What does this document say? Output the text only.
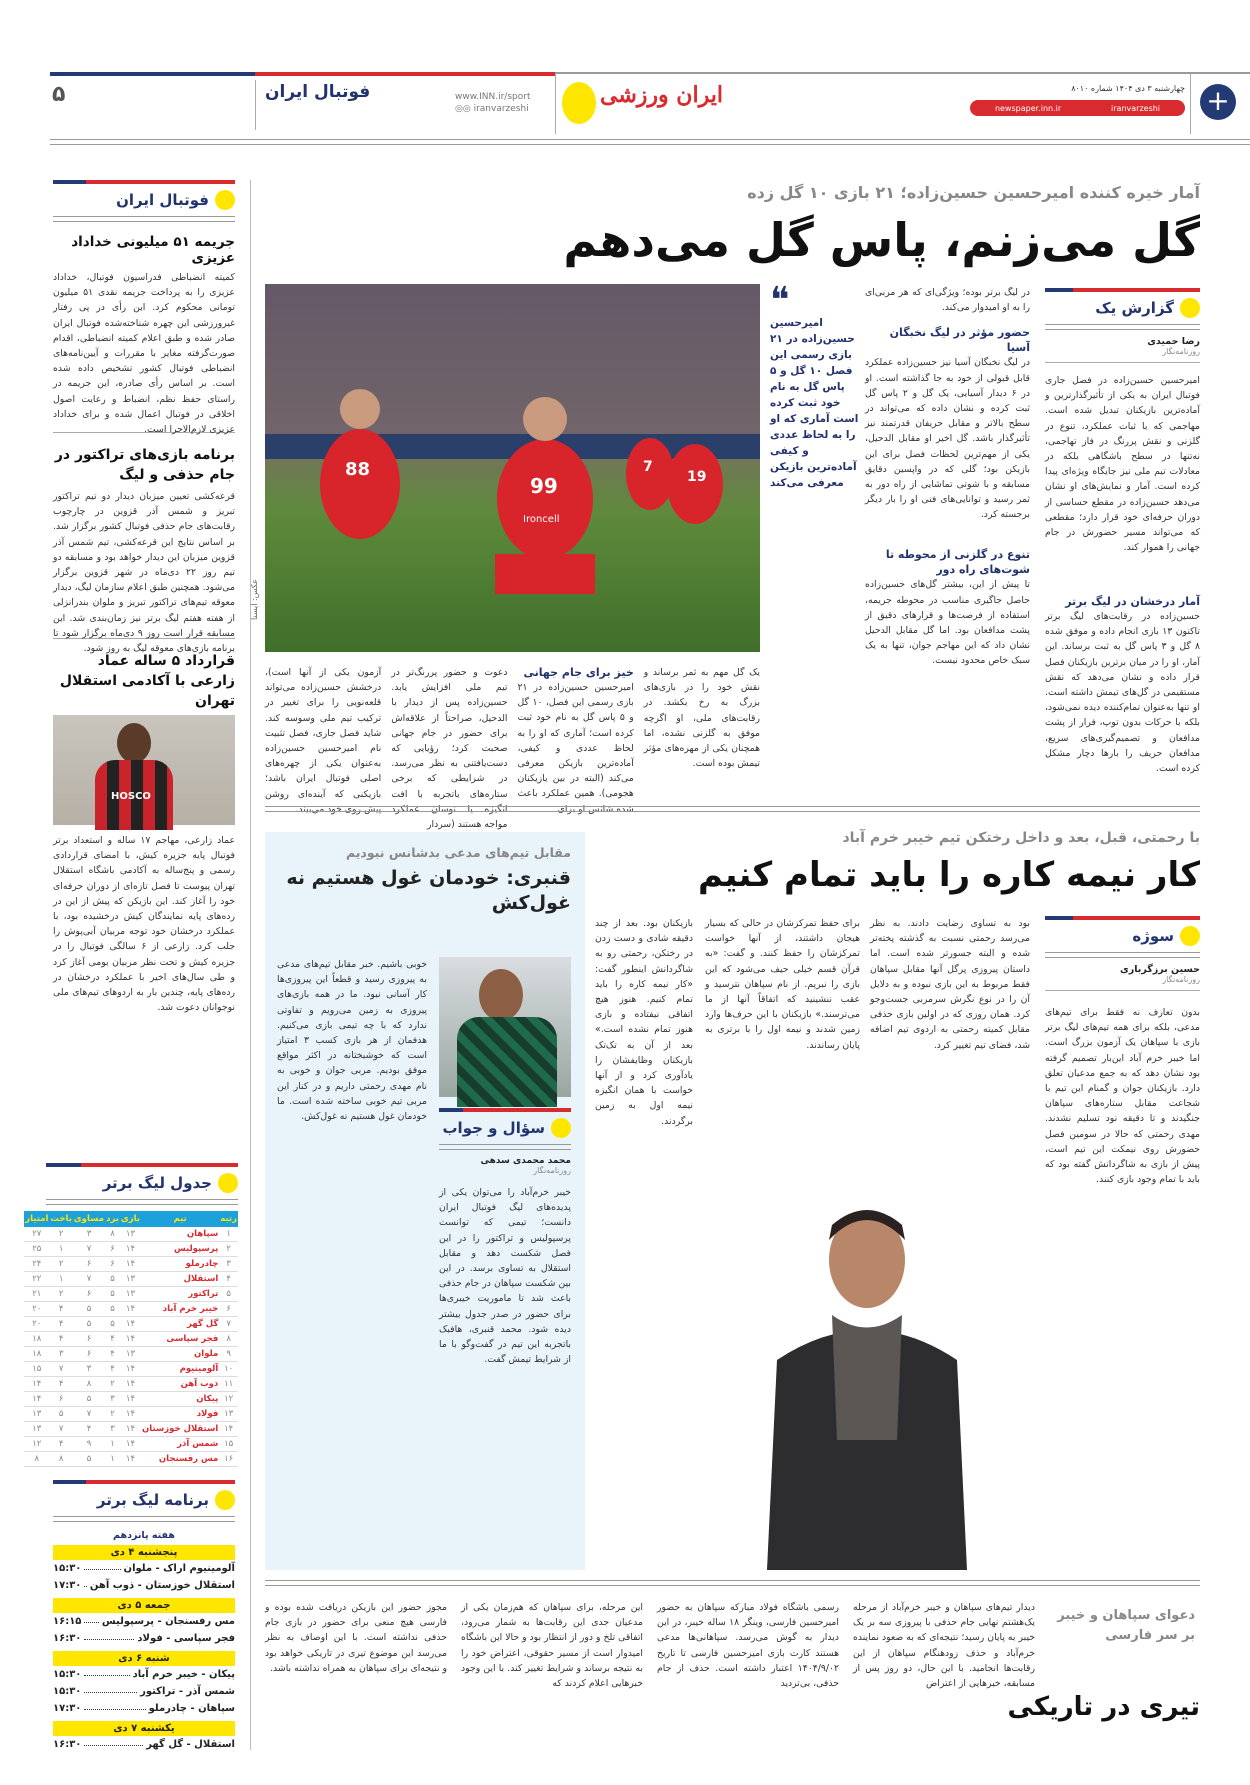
۵	فوتبال ایران	www.INN.ir/sport
◎◎ iranvarzeshi
ایران ورزشی	چهارشنبه ۳ دی ۱۴۰۴ شماره ۸۰۱۰
newspaper.inn.ir	iranvarzeshi +
فوتبال ایران
جریمه ۵۱ میلیونی خداداد عزیزی
کمیته انضباطی فدراسیون فوتبال، خداداد عزیزی را به پرداخت جریمه نقدی ۵۱ میلیون تومانی محکوم کرد. این رأی در پی رفتار غیرورزشی این چهره شناخته‌شده فوتبال ایران صادر شده و طبق اعلام کمیته انضباطی، اقدام صورت‌گرفته مغایر با مقررات و آیین‌نامه‌های انضباطی فوتبال کشور تشخیص داده شده است. بر اساس رأی صادره، این جریمه در راستای حفظ نظم، انضباط و رعایت اصول اخلاقی در فوتبال اعمال شده و برای خداداد عزیزی لازم‌الاجرا است.
برنامه بازی‌های تراکتور در جام حذفی و لیگ
قرعه‌کشی تعیین میزبان دیدار دو تیم تراکتور تبریز و شمس آذر قزوین در چارچوب رقابت‌های جام حذفی فوتبال کشور برگزار شد. بر اساس نتایج این قرعه‌کشی، تیم شمس آذر قزوین میزبان این دیدار خواهد بود و مسابقه دو تیم روز ۲۲ دی‌ماه در شهر قزوین برگزار می‌شود. همچنین طبق اعلام سازمان لیگ، دیدار معوقه تیم‌های تراکتور تبریز و ملوان بندرانزلی از هفته هفتم لیگ برتر نیز زمان‌بندی شد. این مسابقه قرار است روز ۹ دی‌ماه برگزار شود تا برنامه بازی‌های معوقه لیگ به روز شود.
قرارداد ۵ ساله عماد زارعی با آکادمی استقلال تهران
HOSCO
عماد زارعی، مهاجم ۱۷ ساله و استعداد برتر فوتبال پایه جزیره کیش، با امضای قراردادی رسمی و پنج‌ساله به آکادمی باشگاه استقلال تهران پیوست تا فصل تازه‌ای از دوران حرفه‌ای خود را آغاز کند. این بازیکن که پیش از این در رده‌های پایه نمایندگان کیش درخشیده بود، با عملکرد درخشان خود توجه مربیان آبی‌پوش را جلب کرد. زارعی از ۶ سالگی فوتبال را در جزیره کیش و تحت نظر مربیان بومی آغاز کرد و طی سال‌های اخیر با عملکرد درخشان در رده‌های پایه، چندین بار به اردوهای تیم‌های ملی نوجوانان دعوت شد.
جدول لیگ برتر
رتبه	تیم	بازی	برد	مساوی	باخت	امتیاز
۱	سپاهان	۱۳	۸	۳	۲	۲۷
۲	پرسپولیس	۱۴	۶	۷	۱	۲۵
۳	چادرملو	۱۴	۶	۶	۲	۲۴
۴	استقلال	۱۳	۵	۷	۱	۲۲
۵	تراکتور	۱۳	۵	۶	۲	۲۱
۶	خیبر خرم آباد	۱۴	۵	۵	۴	۲۰
۷	گل گهر	۱۴	۵	۵	۴	۲۰
۸	فجر سپاسی	۱۴	۴	۶	۴	۱۸
۹	ملوان	۱۳	۴	۶	۳	۱۸
۱۰	آلومینیوم	۱۴	۴	۳	۷	۱۵
۱۱	ذوب آهن	۱۴	۲	۸	۴	۱۴
۱۲	پیکان	۱۴	۳	۵	۶	۱۴
۱۳	فولاد	۱۴	۲	۷	۵	۱۳
۱۴	استقلال خوزستان	۱۴	۳	۴	۷	۱۳
۱۵	شمس آذر	۱۴	۱	۹	۴	۱۲
۱۶	مس رفسنجان	۱۴	۱	۵	۸	۸
برنامه لیگ برتر
هفته پانزدهم
پنجشنبه ۴ دی
آلومینیوم اراک - ملوان
۱۵:۳۰
استقلال خوزستان - ذوب آهن
۱۷:۳۰
جمعه ۵ دی
مس رفسنجان - پرسپولیس
۱۶:۱۵
فجر سپاسی - فولاد
۱۶:۳۰
شنبه ۶ دی
پیکان - خیبر خرم آباد
۱۵:۳۰
شمس آذر - تراکتور
۱۵:۳۰
سپاهان - چادرملو
۱۷:۳۰
یکشنبه ۷ دی
استقلال - گل گهر
۱۶:۳۰
آمار خیره کننده امیرحسین حسین‌زاده؛ ۲۱ بازی ۱۰ گل زده
گل می‌زنم، پاس گل می‌دهم
گزارش یک
رضا حمیدی
روزنامه‌نگار
امیرحسین حسین‌زاده در فصل جاری فوتبال ایران به یکی از تأثیرگذارترین و آماده‌ترین بازیکنان تبدیل شده است. مهاجمی که با ثبات عملکرد، تنوع در گلزنی و نقش پررنگ در فاز تهاجمی، نه‌تنها در سطح باشگاهی بلکه در معادلات تیم ملی نیز جایگاه ویژه‌ای پیدا کرده است. آمار و نمایش‌های او نشان می‌دهد حسین‌زاده در مقطع حساسی از دوران حرفه‌ای خود قرار دارد؛ مقطعی که می‌تواند مسیر حضورش در جام جهانی را هموار کند.
آمار درخشان در لیگ برتر
حسین‌زاده در رقابت‌های لیگ برتر تاکنون ۱۳ بازی انجام داده و موفق شده ۸ گل و ۳ پاس گل به ثبت برساند. این آمار، او را در میان برترین بازیکنان فصل قرار داده و نشان می‌دهد که نقش مستقیمی در گل‌های تیمش داشته است. او تنها به‌عنوان تمام‌کننده دیده نمی‌شود، بلکه با حرکات بدون توپ، فرار از پشت مدافعان و تصمیم‌گیری‌های سریع، مدافعان حریف را بارها دچار مشکل کرده است.
در لیگ برتر بوده؛ ویژگی‌ای که هر مربی‌ای را به او امیدوار می‌کند.
حضور مؤثر در لیگ نخبگان آسیا
در لیگ نخبگان آسیا نیز حسین‌زاده عملکرد قابل قبولی از خود به جا گذاشته است. او در ۶ دیدار آسیایی، یک گل و ۲ پاس گل ثبت کرده و نشان داده که می‌تواند در سطح بالاتر و مقابل حریفان قدرتمند نیز تأثیرگذار باشد. گل اخیر او مقابل الدحیل، یکی از مهم‌ترین لحظات فصل برای این بازیکن بود؛ گلی که در واپسین دقایق مسابقه و با شوتی تماشایی از راه دور به ثمر رسید و توانایی‌های فنی او را بار دیگر برجسته کرد.
تنوع در گلزنی از محوطه تا شوت‌های راه دور
تا پیش از این، بیشتر گل‌های حسین‌زاده حاصل جاگیری مناسب در محوطه جریمه، استفاده از فرصت‌ها و قرارهای دقیق از پشت مدافعان بود. اما گل مقابل الدحیل نشان داد که این مهاجم جوان، تنها به یک سبک خاص محدود نیست.
❝
امیرحسین حسین‌زاده در ۲۱ بازی رسمی این فصل ۱۰ گل و ۵ پاس گل به نام خود ثبت کرده است آماری که او را به لحاظ عددی و کیفی آماده‌ترین بازیکن معرفی می‌کند
99
88	7
19
Ironcell
عکس: ایسنا
یک گل مهم به ثمر برساند و نقش خود را در بازی‌های بزرگ به رخ بکشد. در رقابت‌های ملی، او اگرچه موفق به گلزنی نشده، اما همچنان یکی از مهره‌های مؤثر تیمش بوده است.
خیز برای جام جهانی
امیرحسین حسین‌زاده در ۲۱ بازی رسمی این فصل، ۱۰ گل و ۵ پاس گل به نام خود ثبت کرده است؛ آماری که او را به لحاظ عددی و کیفی، آماده‌ترین بازیکن معرفی می‌کند (البته در بین بازیکنان هجومی). همین عملکرد باعث شده شانس او برای
دعوت و حضور پررنگ‌تر در تیم ملی افزایش یابد. حسین‌زاده پس از دیدار با الدحیل، صراحتاً از علاقه‌اش برای حضور در جام جهانی صحبت کرد؛ رؤیایی که دست‌یافتنی به نظر می‌رسد. در شرایطی که برخی ستاره‌های باتجربه با افت انگیزه یا نوسان عملکرد مواجه هستند (سردار
آزمون یکی از آنها است)، درخشش حسین‌زاده می‌تواند قلعه‌نویی را برای تغییر در ترکیب تیم ملی وسوسه کند. شاید فصل جاری، فصل تثبیت نام امیرحسین حسین‌زاده به‌عنوان یکی از چهره‌های اصلی فوتبال ایران باشد؛ بازیکنی که آینده‌ای روشن پیش روی خود می‌بیند.
با رحمتی، قبل، بعد و داخل رختکن تیم خیبر خرم آباد
کار نیمه کاره را باید تمام کنیم
سوژه
حسین برزگرباری
روزنامه‌نگار
بدون تعارف نه فقط برای تیم‌های مدعی، بلکه برای همه تیم‌های لیگ برتر بازی با سپاهان یک آزمون بزرگ است. اما خیبر خرم آباد این‌بار تصمیم گرفته بود نشان دهد که به جمع مدعیان تعلق دارد. بازیکنان جوان و گمنام این تیم با شجاعت مقابل ستاره‌های سپاهان جنگیدند و تا دقیقه نود تسلیم نشدند. مهدی رحمتی که حالا در سومین فصل حضورش روی نیمکت این تیم است، پیش از بازی به شاگردانش گفته بود که باید با تمام وجود بازی کنند.
بود به تساوی رضایت دادند. به نظر می‌رسد رحمتی نسبت به گذشته پخته‌تر شده و البته جسورتر شده است. اما داستان پیروزی پرگل آنها مقابل سپاهان فقط مربوط به این بازی نبوده و به دلایل آن را در نوع نگرش سرمربی جست‌وجو کرد. همان روزی که در اولین بازی حذفی مقابل کمیته رحمتی به اردوی تیم اضافه شد، فضای تیم تغییر کرد.
برای حفظ تمرکزشان در حالی که بسیار هیجان داشتند، از آنها خواست تمرکزشان را حفظ کنند. و گفت: «به قرآن قسم خیلی حیف می‌شود که این بازی را نبریم. از نام سپاهان نترسید و عقب ننشینید که اتفاقاً آنها از ما می‌ترسند.» بازیکنان با این حرف‌ها وارد زمین شدند و نیمه اول را با برتری به پایان رساندند.
بازیکنان بود. بعد از چند دقیقه شادی و دست زدن در رختکن، رحمتی رو به شاگردانش اینطور گفت: «کار نیمه کاره را باید تمام کنیم. هنوز هیچ اتفاقی نیفتاده و بازی هنوز تمام نشده است.» بعد از آن به تک‌تک بازیکنان وظایفشان را یادآوری کرد و از آنها خواست با همان انگیزه نیمه اول به زمین برگردند.
مقابل تیم‌های مدعی بدشانس نبودیم
قنبری: خودمان غول هستیم نه غول‌کش
سؤال و جواب
محمد محمدی سدهی
روزنامه‌نگار
خیبر خرم‌آباد را می‌توان یکی از پدیده‌های لیگ فوتبال ایران دانست؛ تیمی که توانست پرسپولیس و تراکتور را در این فصل شکست دهد و مقابل استقلال به تساوی برسد. در این بین شکست سپاهان در جام حذفی باعث شد تا ماموریت خیبری‌ها برای حضور در صدر جدول بیشتر دیده شود. محمد قنبری، هافبک باتجربه این تیم در گفت‌وگو با ما از شرایط تیمش گفت.
خوبی باشیم. خبر مقابل تیم‌های مدعی به پیروزی رسید و قطعاً این پیروزی‌ها کار آسانی نبود. ما در همه بازی‌های پیروزی به زمین می‌رویم و تفاوتی ندارد که با چه تیمی بازی می‌کنیم. هدفمان از هر بازی کسب ۳ امتیاز است که خوشبختانه در اکثر مواقع موفق بودیم. مربی جوان و خوبی به نام مهدی رحمتی داریم و در کنار این مربی تیم خوبی ساخته شده است. ما خودمان غول هستیم نه غول‌کش.
دعوای سپاهان و خیبر بر سر فارسی
تیری در تاریکی
دیدار تیم‌های سپاهان و خیبر خرم‌آباد از مرحله یک‌هشتم نهایی جام حذفی با پیروزی سه بر یک خیبر به پایان رسید؛ نتیجه‌ای که به صعود نماینده خرم‌آباد و حذف زودهنگام سپاهان از این رقابت‌ها انجامید. با این حال، دو روز پس از مسابقه، خبرهایی از اعتراض
رسمی باشگاه فولاد مبارکه سپاهان به حضور امیرحسین فارسی، وینگر ۱۸ ساله خیبر، در این دیدار به گوش می‌رسد. سپاهانی‌ها مدعی هستند کارت بازی امیرحسین فارسی تا تاریخ ۱۴۰۴/۹/۰۲ اعتبار داشته است. حذف از جام حذفی، بی‌تردید
این مرحله، برای سپاهان که هم‌زمان یکی از مدعیان جدی این رقابت‌ها به شمار می‌رود، اتفاقی تلخ و دور از انتظار بود و حالا این باشگاه امیدوار است از مسیر حقوقی، اعتراض خود را به نتیجه برساند و شرایط تغییر کند. با این وجود خبرهایی اعلام کردند که
مجوز حضور این بازیکن دریافت شده بوده و فارسی هیچ منعی برای حضور در بازی جام حذفی نداشته است. با این اوصاف به نظر می‌رسد این موضوع تیری در تاریکی خواهد بود و نتیجه‌ای برای سپاهان به همراه نداشته باشد.
